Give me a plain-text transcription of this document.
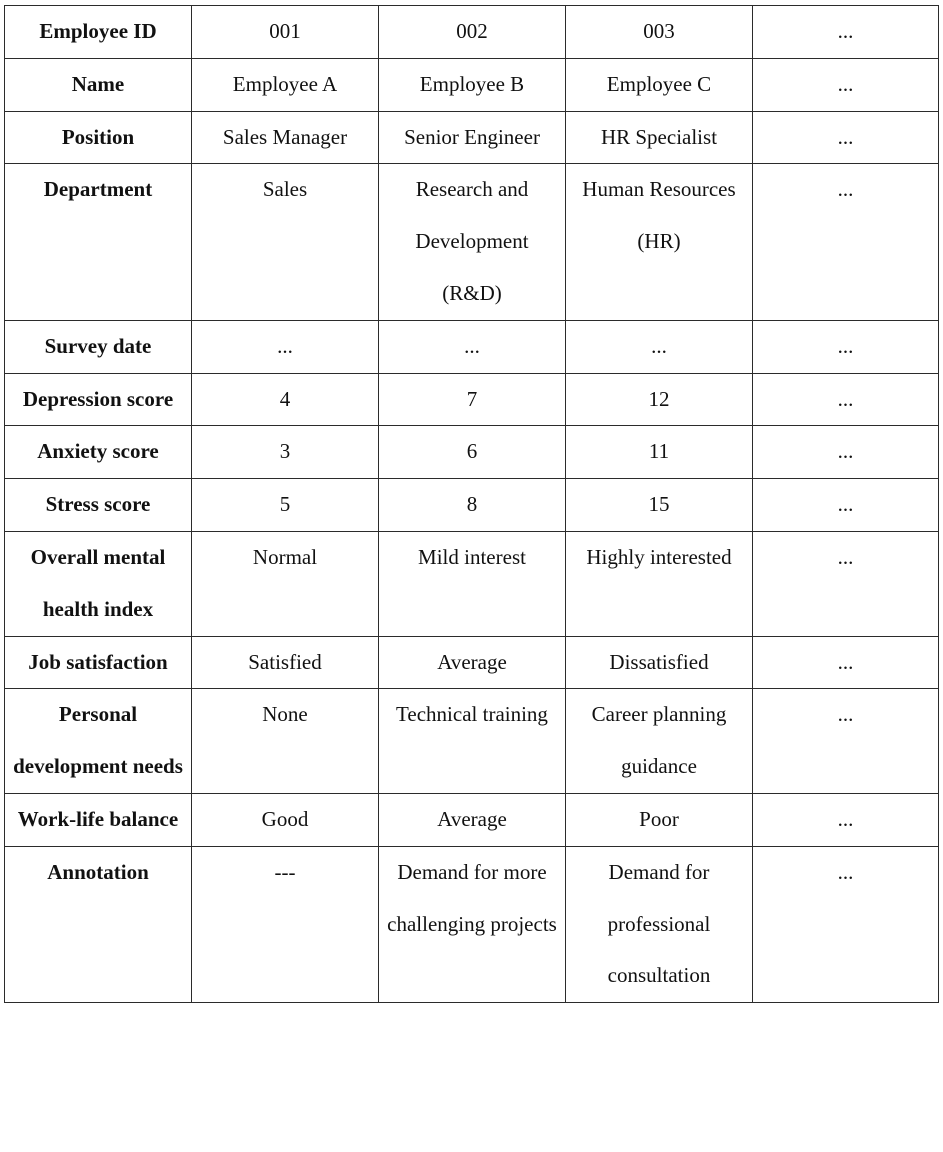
Employee ID	001	002	003	...
Name	Employee A	Employee B	Employee C	...
Position	Sales Manager	Senior Engineer	HR Specialist	...
Department	Sales	Research and Development (R&D)	Human Resources (HR)	...
Survey date	...	...	...	...
Depression score	4	7	12	...
Anxiety score	3	6	11	...
Stress score	5	8	15	...
Overall mental health index	Normal	Mild interest	Highly interested	...
Job satisfaction	Satisfied	Average	Dissatisfied	...
Personal development needs	None	Technical training	Career planning guidance	...
Work-life balance	Good	Average	Poor	...
Annotation	---	Demand for more challenging projects	Demand for professional consultation	...
